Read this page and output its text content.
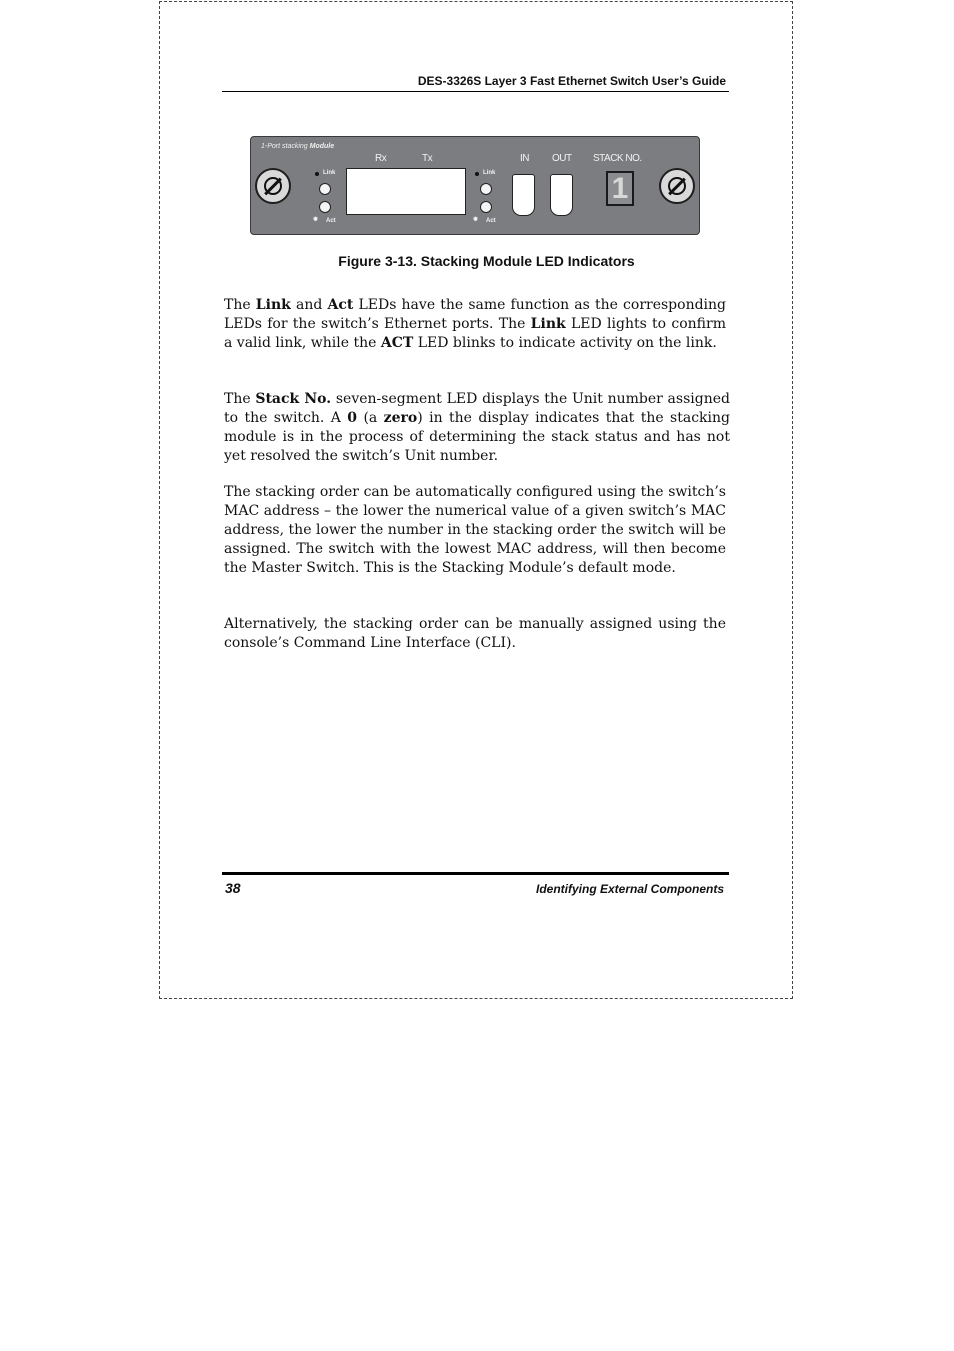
DES-3326S Layer 3 Fast Ethernet Switch User’s Guide
1-Port stacking Module
Link
Act
✹
Rx	Tx
Link
Act
✹
IN OUT STACK NO.
1
Figure 3-13. Stacking Module LED Indicators

The Link and Act LEDs have the same function as the corresponding LEDs for the switch’s Ethernet ports. The Link LED lights to confirm a valid link, while the ACT LED blinks to indicate activity on the link.

The Stack No. seven-segment LED displays the Unit number assigned to the switch. A 0 (a zero) in the display indicates that the stacking module is in the process of determining the stack status and has not yet resolved the switch’s Unit number.

The stacking order can be automatically configured using the switch’s MAC address – the lower the numerical value of a given switch’s MAC address, the lower the number in the stacking order the switch will be assigned. The switch with the lowest MAC address, will then become the Master Switch. This is the Stacking Module’s default mode.

Alternatively, the stacking order can be manually assigned using the console’s Command Line Interface (CLI).

38	Identifying External Components
